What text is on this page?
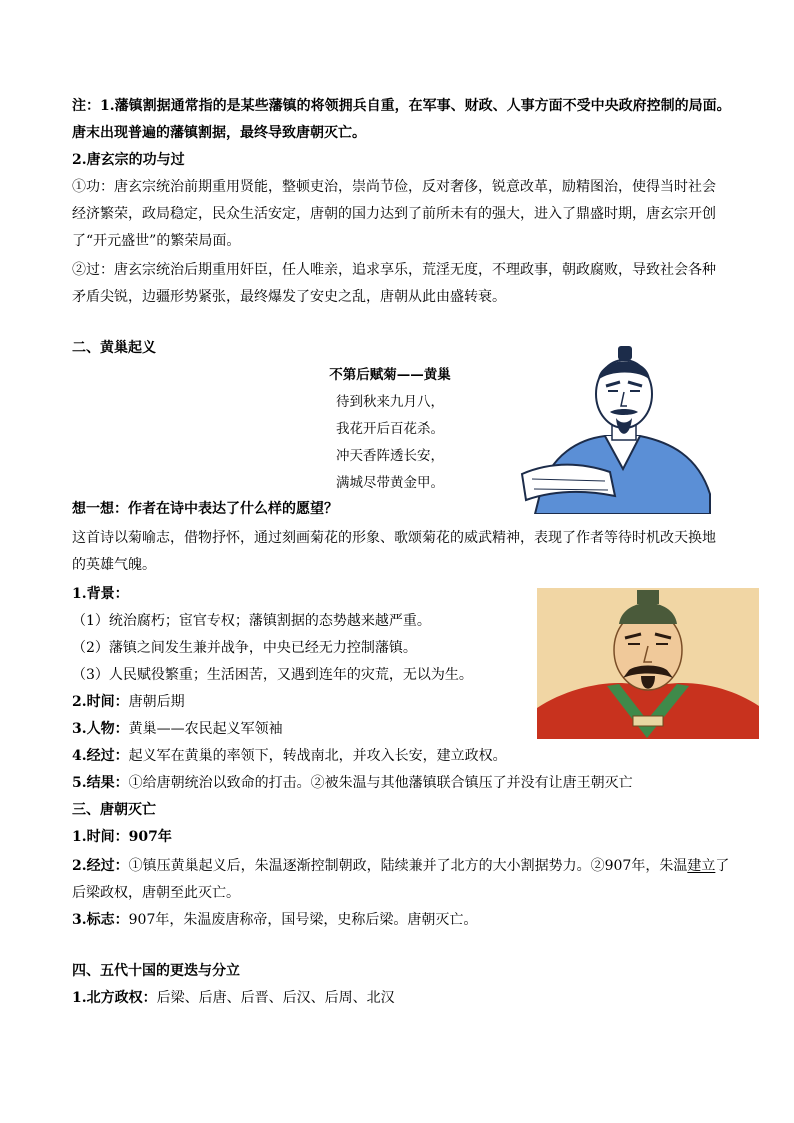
注：1.藩镇割据通常指的是某些藩镇的将领拥兵自重，在军事、财政、人事方面不受中央政府控制的局面。
唐末出现普遍的藩镇割据，最终导致唐朝灭亡。
2.唐玄宗的功与过
①功：唐玄宗统治前期重用贤能，整顿吏治，崇尚节俭，反对奢侈，锐意改革，励精图治，使得当时社会
经济繁荣，政局稳定，民众生活安定，唐朝的国力达到了前所未有的强大，进入了鼎盛时期，唐玄宗开创
了“开元盛世”的繁荣局面。
②过：唐玄宗统治后期重用奸臣，任人唯亲，追求享乐，荒淫无度，不理政事，朝政腐败，导致社会各种
矛盾尖锐，边疆形势紧张，最终爆发了安史之乱，唐朝从此由盛转衰。
二、黄巢起义
不第后赋菊——黄巢
待到秋来九月八，
我花开后百花杀。
冲天香阵透长安，
满城尽带黄金甲。
想一想：作者在诗中表达了什么样的愿望？
这首诗以菊喻志，借物抒怀，通过刻画菊花的形象、歌颂菊花的威武精神，表现了作者等待时机改天换地
的英雄气魄。
1.背景：
（1）统治腐朽；宦官专权；藩镇割据的态势越来越严重。
（2）藩镇之间发生兼并战争，中央已经无力控制藩镇。
（3）人民赋役繁重；生活困苦，又遇到连年的灾荒，无以为生。
2.时间：唐朝后期
3.人物：黄巢——农民起义军领袖
4.经过：起义军在黄巢的率领下，转战南北，并攻入长安，建立政权。
5.结果：①给唐朝统治以致命的打击。②被朱温与其他藩镇联合镇压了并没有让唐王朝灭亡
三、唐朝灭亡
1.时间：907年
2.经过：①镇压黄巢起义后，朱温逐渐控制朝政，陆续兼并了北方的大小割据势力。②907年，朱温建立了
后梁政权，唐朝至此灭亡。
3.标志：907年，朱温废唐称帝，国号梁，史称后梁。唐朝灭亡。
四、五代十国的更迭与分立
1.北方政权：后梁、后唐、后晋、后汉、后周、北汉
